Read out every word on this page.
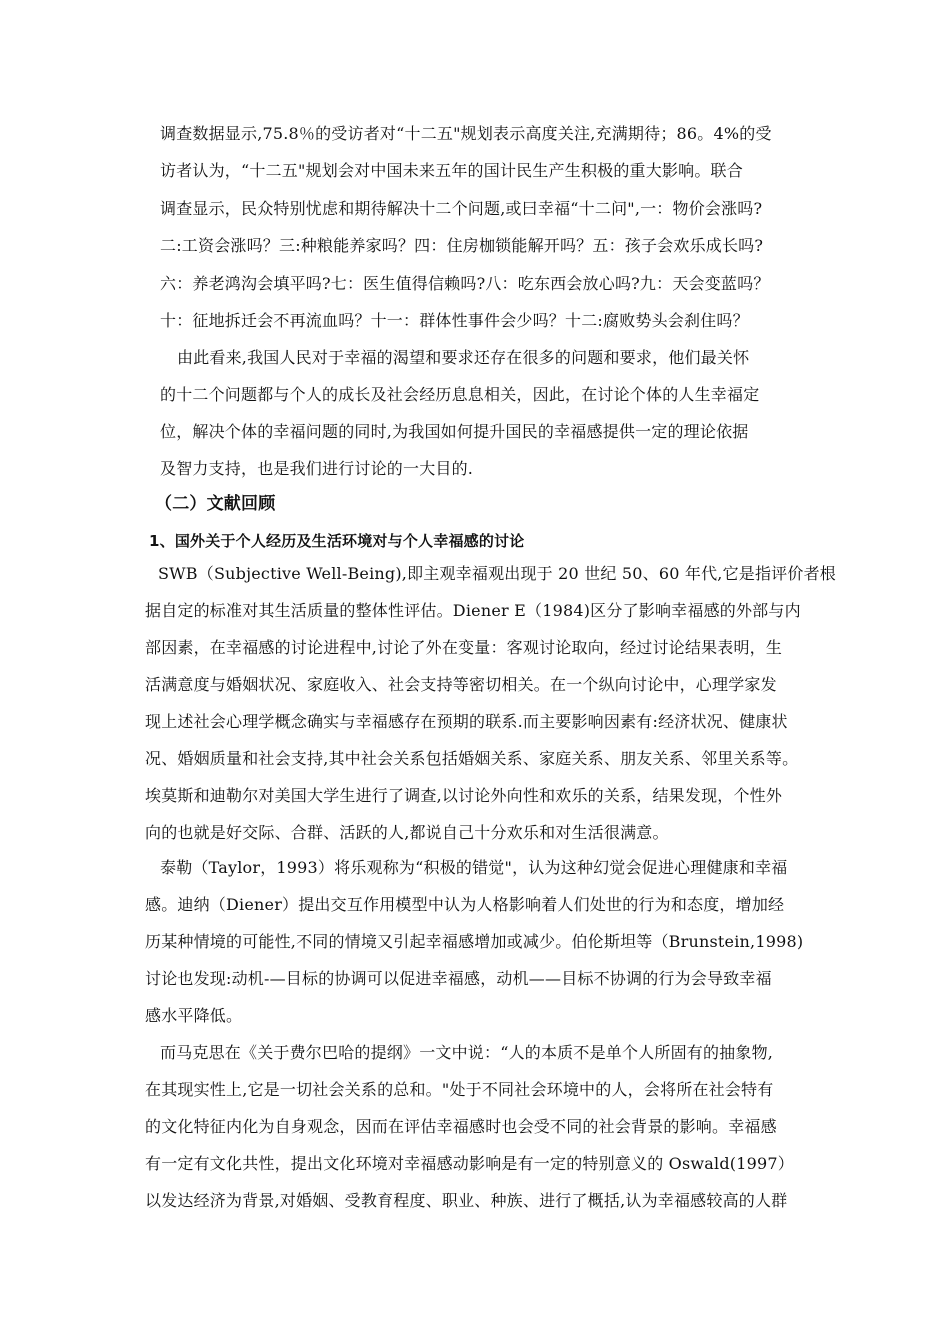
调查数据显示,75.8％的受访者对“十二五"规划表示高度关注,充满期待；86。4%的受
访者认为，“十二五"规划会对中国未来五年的国计民生产生积极的重大影响。联合
调查显示，民众特别忧虑和期待解决十二个问题,或曰幸福“十二问",一：物价会涨吗?
二:工资会涨吗？三:种粮能养家吗？四：住房枷锁能解开吗？五：孩子会欢乐成长吗?
六：养老鸿沟会填平吗?七：医生值得信赖吗?八：吃东西会放心吗?九：天会变蓝吗？
十：征地拆迁会不再流血吗？十一：群体性事件会少吗？十二:腐败势头会刹住吗？
由此看来,我国人民对于幸福的渴望和要求还存在很多的问题和要求，他们最关怀
的十二个问题都与个人的成长及社会经历息息相关，因此，在讨论个体的人生幸福定
位，解决个体的幸福问题的同时,为我国如何提升国民的幸福感提供一定的理论依据
及智力支持，也是我们进行讨论的一大目的.
（二）文献回顾
1、国外关于个人经历及生活环境对与个人幸福感的讨论
SWB（Subjective Well-Being),即主观幸福观出现于 20 世纪 50、60 年代,它是指评价者根
据自定的标准对其生活质量的整体性评估。Diener E（1984)区分了影响幸福感的外部与内
部因素，在幸福感的讨论进程中,讨论了外在变量：客观讨论取向，经过讨论结果表明，生
活满意度与婚姻状况、家庭收入、社会支持等密切相关。在一个纵向讨论中，心理学家发
现上述社会心理学概念确实与幸福感存在预期的联系.而主要影响因素有:经济状况、健康状
况、婚姻质量和社会支持,其中社会关系包括婚姻关系、家庭关系、朋友关系、邻里关系等。
埃莫斯和迪勒尔对美国大学生进行了调查,以讨论外向性和欢乐的关系，结果发现，个性外
向的也就是好交际、合群、活跃的人,都说自己十分欢乐和对生活很满意。
泰勒（Taylor，1993）将乐观称为“积极的错觉"，认为这种幻觉会促进心理健康和幸福
感。迪纳（Diener）提出交互作用模型中认为人格影响着人们处世的行为和态度，增加经
历某种情境的可能性,不同的情境又引起幸福感增加或减少。伯伦斯坦等（Brunstein,1998)
讨论也发现:动机-—目标的协调可以促进幸福感，动机——目标不协调的行为会导致幸福
感水平降低。
而马克思在《关于费尔巴哈的提纲》一文中说：“人的本质不是单个人所固有的抽象物,
在其现实性上,它是一切社会关系的总和。"处于不同社会环境中的人，会将所在社会特有
的文化特征内化为自身观念，因而在评估幸福感时也会受不同的社会背景的影响。幸福感
有一定有文化共性，提出文化环境对幸福感动影响是有一定的特别意义的 Oswald(1997）
以发达经济为背景,对婚姻、受教育程度、职业、种族、进行了概括,认为幸福感较高的人群
